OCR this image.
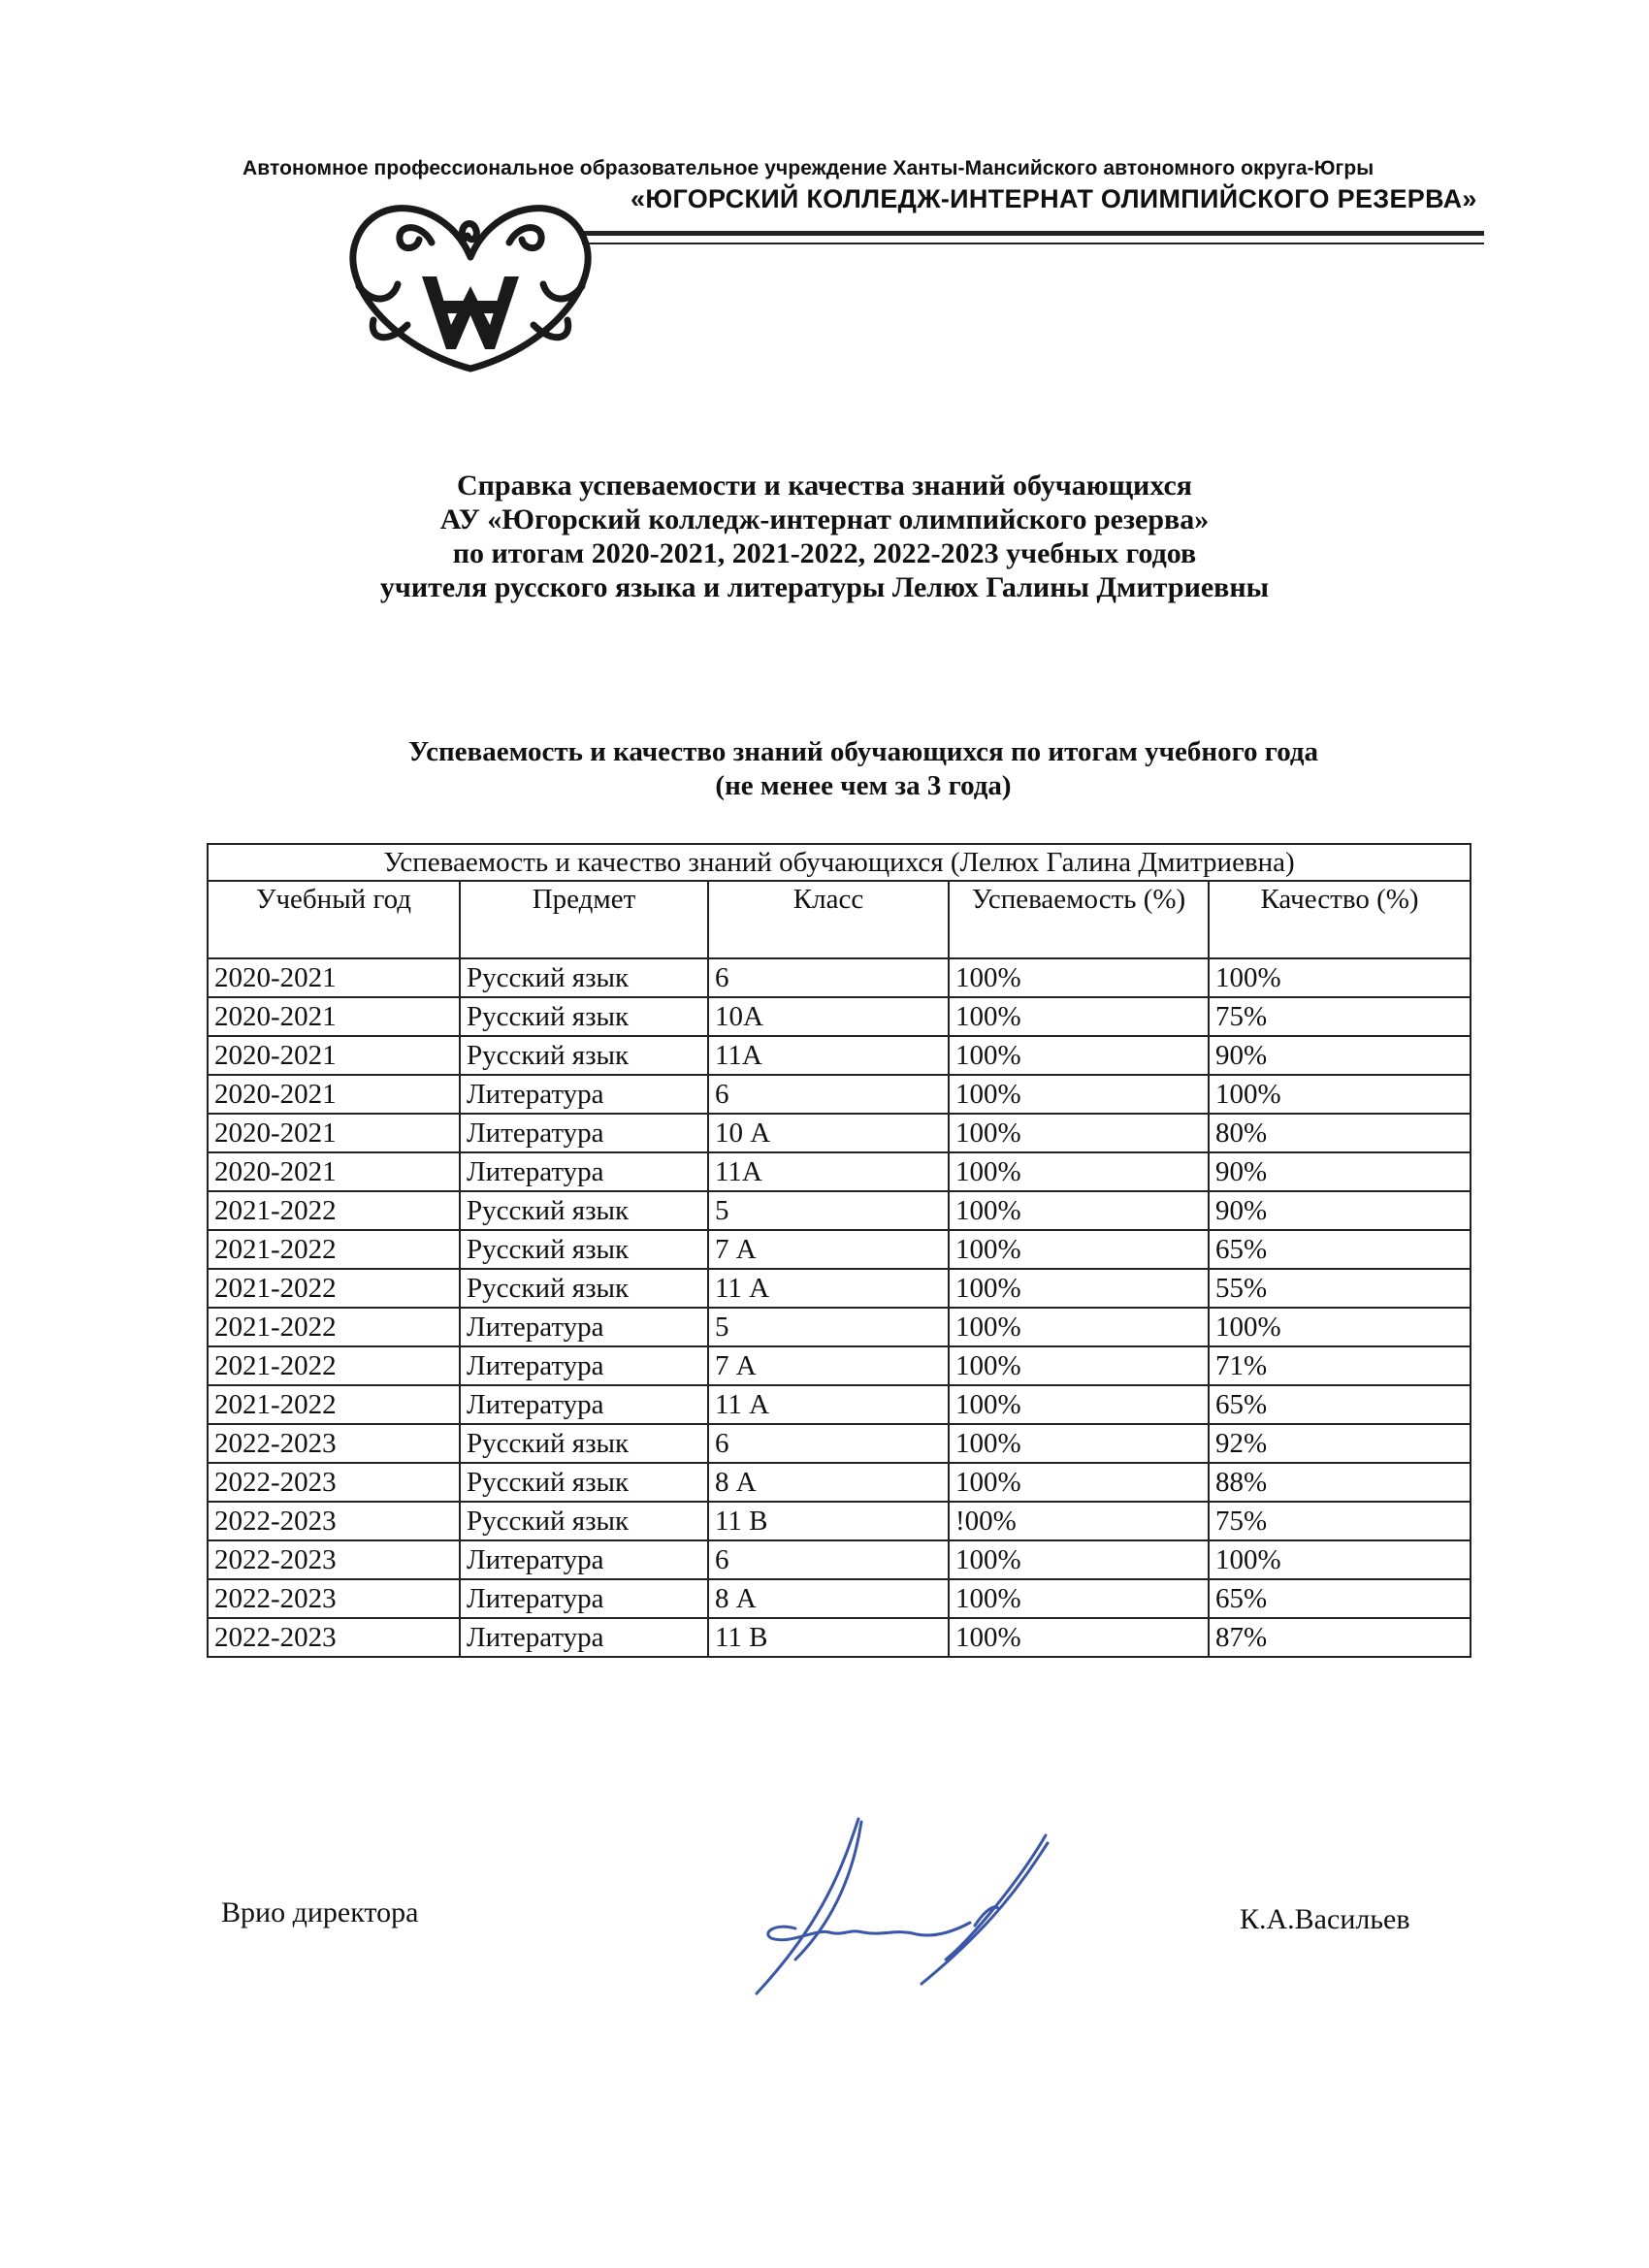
Автономное профессиональное образовательное учреждение Ханты-Мансийского автономного округа-Югры
«ЮГОРСКИЙ КОЛЛЕДЖ-ИНТЕРНАТ ОЛИМПИЙСКОГО РЕЗЕРВА»
Справка успеваемости и качества знаний обучающихся
АУ «Югорский колледж-интернат олимпийского резерва»
по итогам 2020-2021, 2021-2022, 2022-2023 учебных годов
учителя русского языка и литературы Лелюх Галины Дмитриевны
Успеваемость и качество знаний обучающихся по итогам учебного года
(не менее чем за 3 года)
Успеваемость и качество знаний обучающихся (Лелюх Галина Дмитриевна)				
Учебный год	Предмет	Класс	Успеваемость (%)	Качество (%)
2020-2021	Русский язык	6	100%	100%
2020-2021	Русский язык	10А	100%	75%
2020-2021	Русский язык	11А	100%	90%
2020-2021	Литература	6	100%	100%
2020-2021	Литература	10 А	100%	80%
2020-2021	Литература	11А	100%	90%
2021-2022	Русский язык	5	100%	90%
2021-2022	Русский язык	7 А	100%	65%
2021-2022	Русский язык	11 А	100%	55%
2021-2022	Литература	5	100%	100%
2021-2022	Литература	7 А	100%	71%
2021-2022	Литература	11 А	100%	65%
2022-2023	Русский язык	6	100%	92%
2022-2023	Русский язык	8 А	100%	88%
2022-2023	Русский язык	11 В	!00%	75%
2022-2023	Литература	6	100%	100%
2022-2023	Литература	8 А	100%	65%
2022-2023	Литература	11 В	100%	87%
Врио директора	К.А.Васильев
